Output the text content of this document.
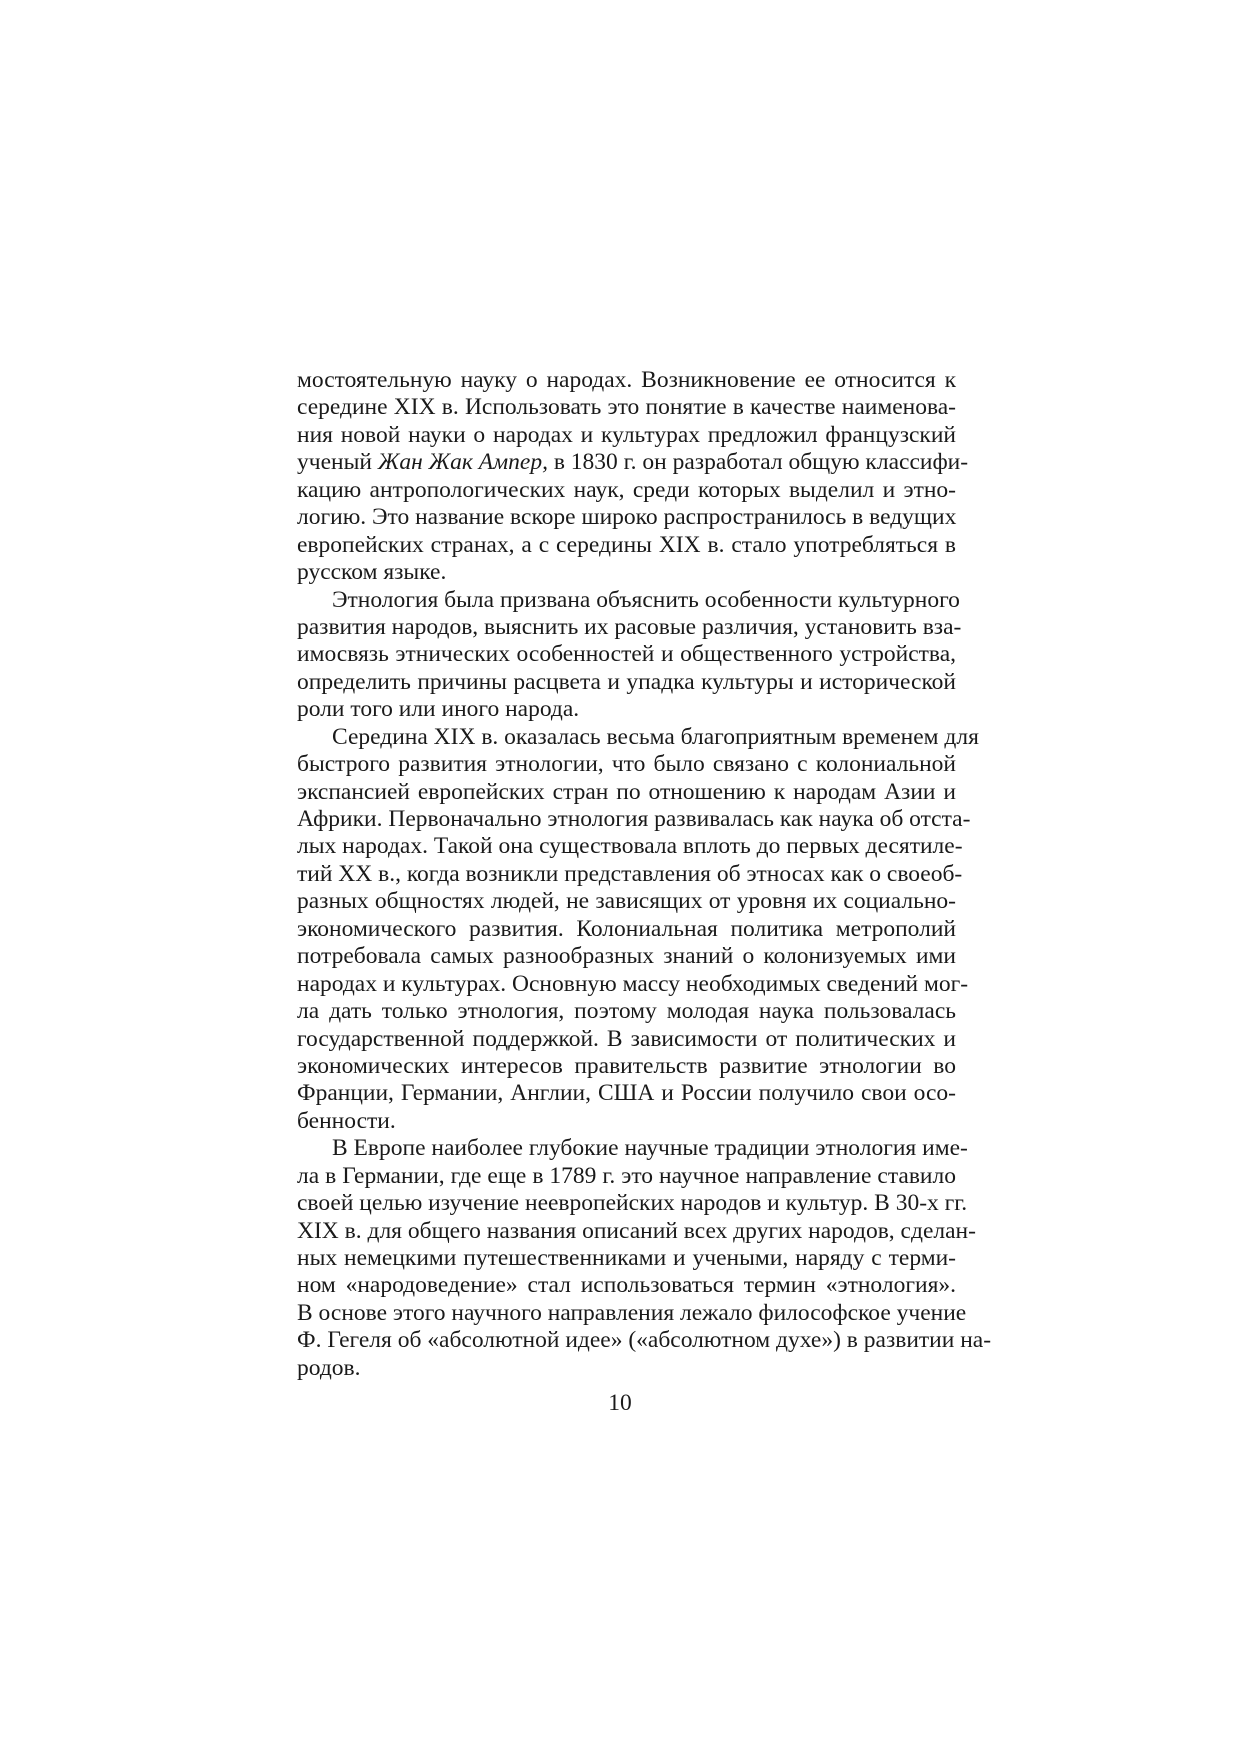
мостоятельную науку о народах. Возникновение ее относится к
середине XIX в. Использовать это понятие в качестве наименова-
ния новой науки о народах и культурах предложил французский
ученый Жан Жак Ампер, в 1830 г. он разработал общую классифи-
кацию антропологических наук, среди которых выделил и этно-
логию. Это название вскоре широко распространилось в ведущих
европейских странах, а с середины XIX в. стало употребляться в
русском языке.
Этнология была призвана объяснить особенности культурного
развития народов, выяснить их расовые различия, установить вза-
имосвязь этнических особенностей и общественного устройства,
определить причины расцвета и упадка культуры и исторической
роли того или иного народа.
Середина XIX в. оказалась весьма благоприятным временем для
быстрого развития этнологии, что было связано с колониальной
экспансией европейских стран по отношению к народам Азии и
Африки. Первоначально этнология развивалась как наука об отста-
лых народах. Такой она существовала вплоть до первых десятиле-
тий XX в., когда возникли представления об этносах как о своеоб-
разных общностях людей, не зависящих от уровня их социально-
экономического развития. Колониальная политика метрополий
потребовала самых разнообразных знаний о колонизуемых ими
народах и культурах. Основную массу необходимых сведений мог-
ла дать только этнология, поэтому молодая наука пользовалась
государственной поддержкой. В зависимости от политических и
экономических интересов правительств развитие этнологии во
Франции, Германии, Англии, США и России получило свои осо-
бенности.
В Европе наиболее глубокие научные традиции этнология име-
ла в Германии, где еще в 1789 г. это научное направление ставило
своей целью изучение неевропейских народов и культур. В 30-х гг.
XIX в. для общего названия описаний всех других народов, сделан-
ных немецкими путешественниками и учеными, наряду с терми-
ном «народоведение» стал использоваться термин «этнология».
В основе этого научного направления лежало философское учение
Ф. Гегеля об «абсолютной идее» («абсолютном духе») в развитии на-
родов.
10
